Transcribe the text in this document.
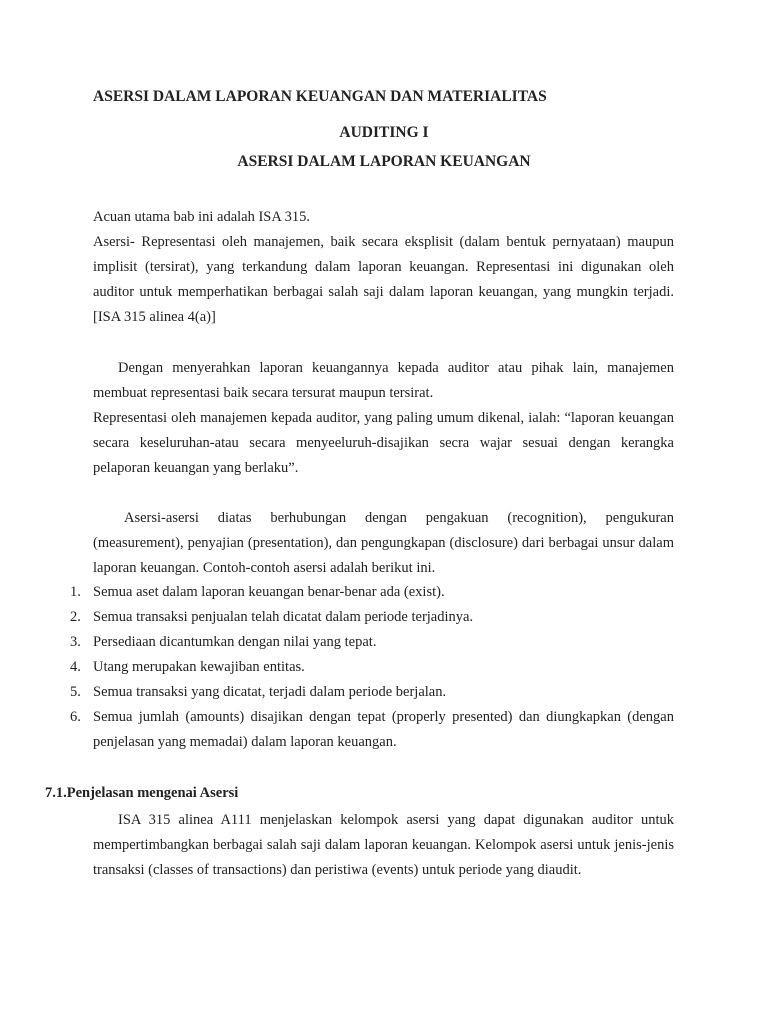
ASERSI DALAM LAPORAN KEUANGAN DAN MATERIALITAS
AUDITING I
ASERSI DALAM LAPORAN KEUANGAN

Acuan utama bab ini adalah ISA 315.

Asersi- Representasi oleh manajemen, baik secara eksplisit (dalam bentuk pernyataan) maupun implisit (tersirat), yang terkandung dalam laporan keuangan. Representasi ini digunakan oleh auditor untuk memperhatikan berbagai salah saji dalam laporan keuangan, yang mungkin terjadi. [ISA 315 alinea 4(a)]

Dengan menyerahkan laporan keuangannya kepada auditor atau pihak lain, manajemen membuat representasi baik secara tersurat maupun tersirat.

Representasi oleh manajemen kepada auditor, yang paling umum dikenal, ialah: “laporan keuangan secara keseluruhan-atau secara menyeeluruh-disajikan secra wajar sesuai dengan kerangka pelaporan keuangan yang berlaku”.

Asersi-asersi diatas berhubungan dengan pengakuan (recognition), pengukuran (measurement), penyajian (presentation), dan pengungkapan (disclosure) dari berbagai unsur dalam laporan keuangan. Contoh-contoh asersi adalah berikut ini.

1. Semua aset dalam laporan keuangan benar-benar ada (exist).
2. Semua transaksi penjualan telah dicatat dalam periode terjadinya.
3. Persediaan dicantumkan dengan nilai yang tepat.
4. Utang merupakan kewajiban entitas.
5. Semua transaksi yang dicatat, terjadi dalam periode berjalan.
6. Semua jumlah (amounts) disajikan dengan tepat (properly presented) dan diungkapkan (dengan penjelasan yang memadai) dalam laporan keuangan.
7.1.Penjelasan mengenai Asersi

ISA 315 alinea A111 menjelaskan kelompok asersi yang dapat digunakan auditor untuk mempertimbangkan berbagai salah saji dalam laporan keuangan. Kelompok asersi untuk jenis-jenis transaksi (classes of transactions) dan peristiwa (events) untuk periode yang diaudit.
